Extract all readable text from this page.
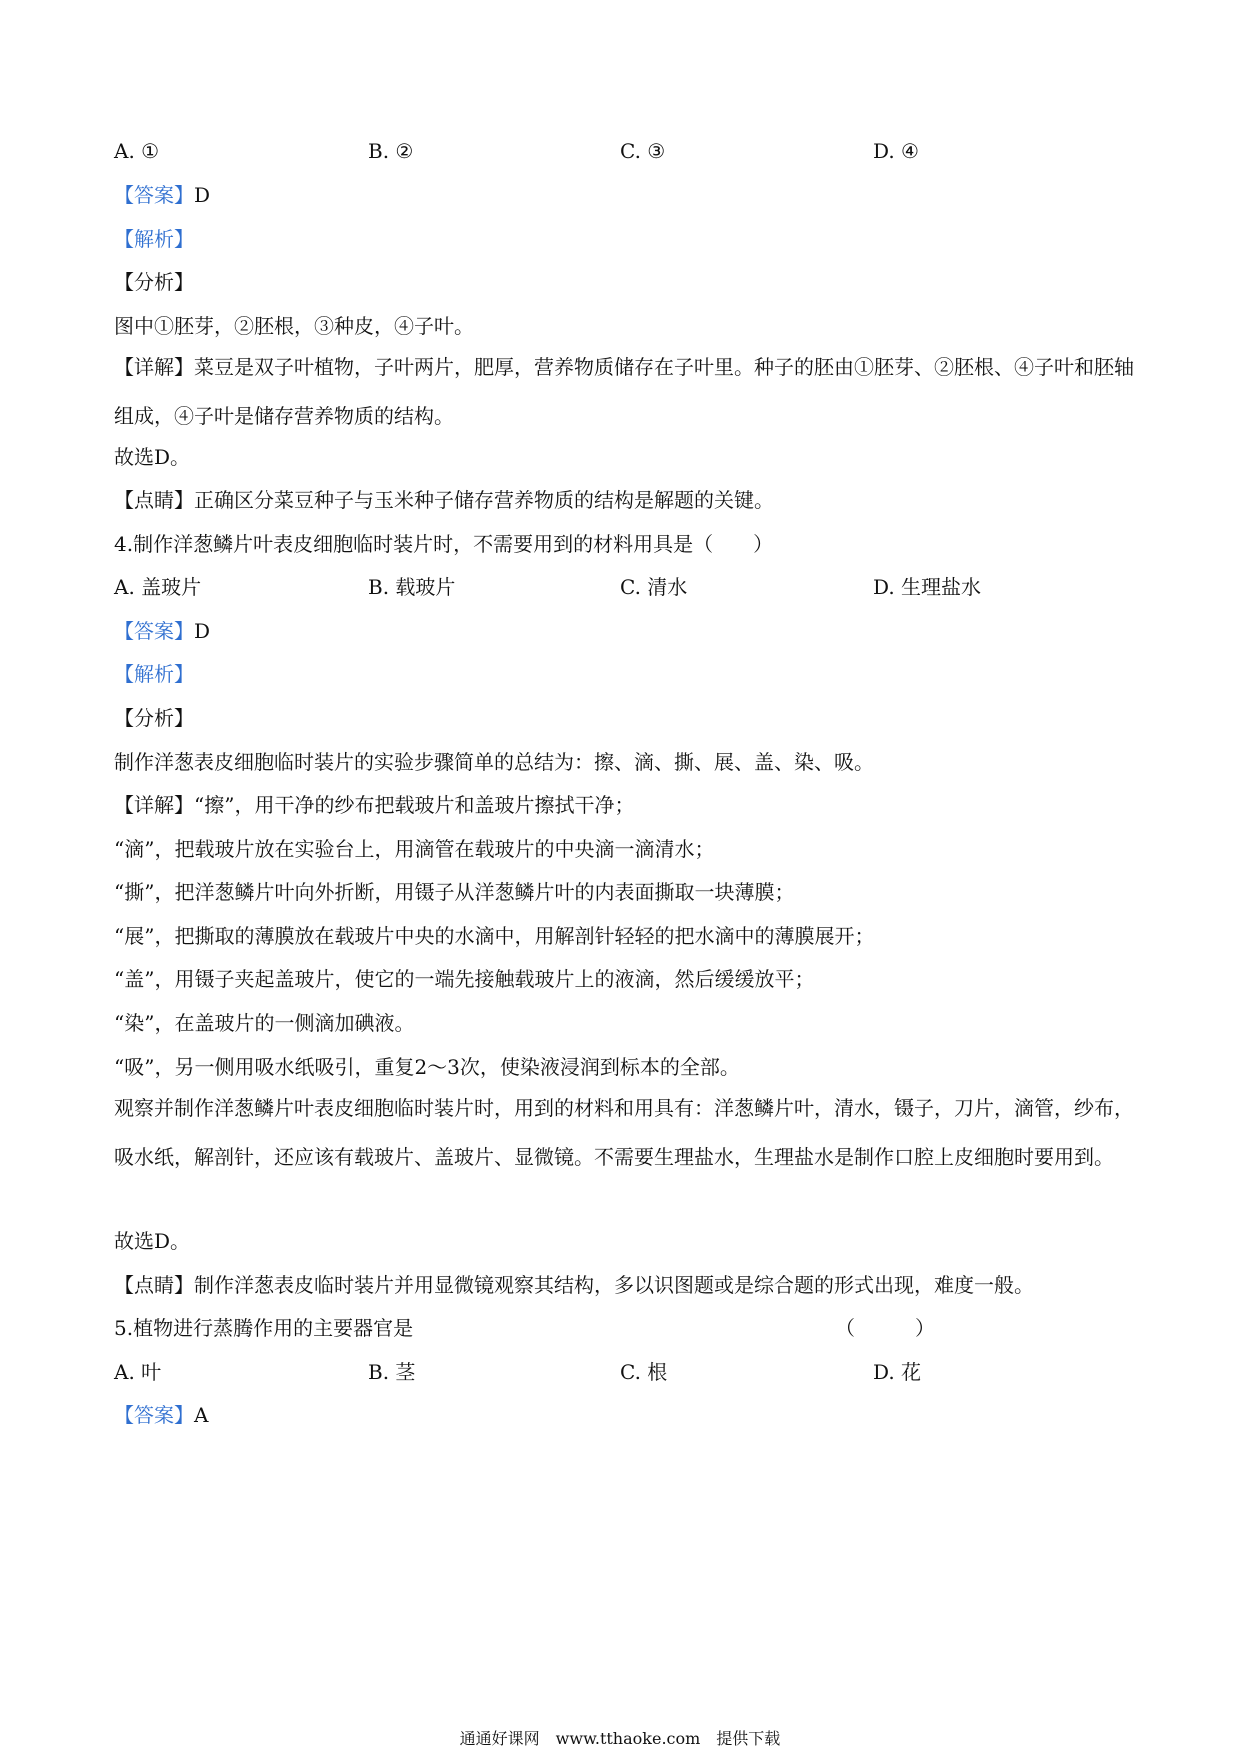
A. ①	B. ②	C. ③	D. ④
【答案】D
【解析】
【分析】
图中①胚芽，②胚根，③种皮，④子叶。
【详解】菜豆是双子叶植物，子叶两片，肥厚，营养物质储存在子叶里。种子的胚由①胚芽、②胚根、④子叶和胚轴组成，④子叶是储存营养物质的结构。
故选D。
【点睛】正确区分菜豆种子与玉米种子储存营养物质的结构是解题的关键。
4.制作洋葱鳞片叶表皮细胞临时装片时，不需要用到的材料用具是（　　）
A. 盖玻片	B. 载玻片	C. 清水	D. 生理盐水
【答案】D
【解析】
【分析】
制作洋葱表皮细胞临时装片的实验步骤简单的总结为：擦、滴、撕、展、盖、染、吸。
【详解】“擦”，用干净的纱布把载玻片和盖玻片擦拭干净；
“滴”，把载玻片放在实验台上，用滴管在载玻片的中央滴一滴清水；
“撕”，把洋葱鳞片叶向外折断，用镊子从洋葱鳞片叶的内表面撕取一块薄膜；
“展”，把撕取的薄膜放在载玻片中央的水滴中，用解剖针轻轻的把水滴中的薄膜展开；
“盖”，用镊子夹起盖玻片，使它的一端先接触载玻片上的液滴，然后缓缓放平；
“染”，在盖玻片的一侧滴加碘液。
“吸”，另一侧用吸水纸吸引，重复2～3次，使染液浸润到标本的全部。
观察并制作洋葱鳞片叶表皮细胞临时装片时，用到的材料和用具有：洋葱鳞片叶，清水，镊子，刀片，滴管，纱布，吸水纸，解剖针，还应该有载玻片、盖玻片、显微镜。不需要生理盐水，生理盐水是制作口腔上皮细胞时要用到。
故选D。
【点睛】制作洋葱表皮临时装片并用显微镜观察其结构，多以识图题或是综合题的形式出现，难度一般。
5.植物进行蒸腾作用的主要器官是	（　　　）
A. 叶	B. 茎	C. 根	D. 花
【答案】A
通通好课网　www.tthaoke.com　提供下载
